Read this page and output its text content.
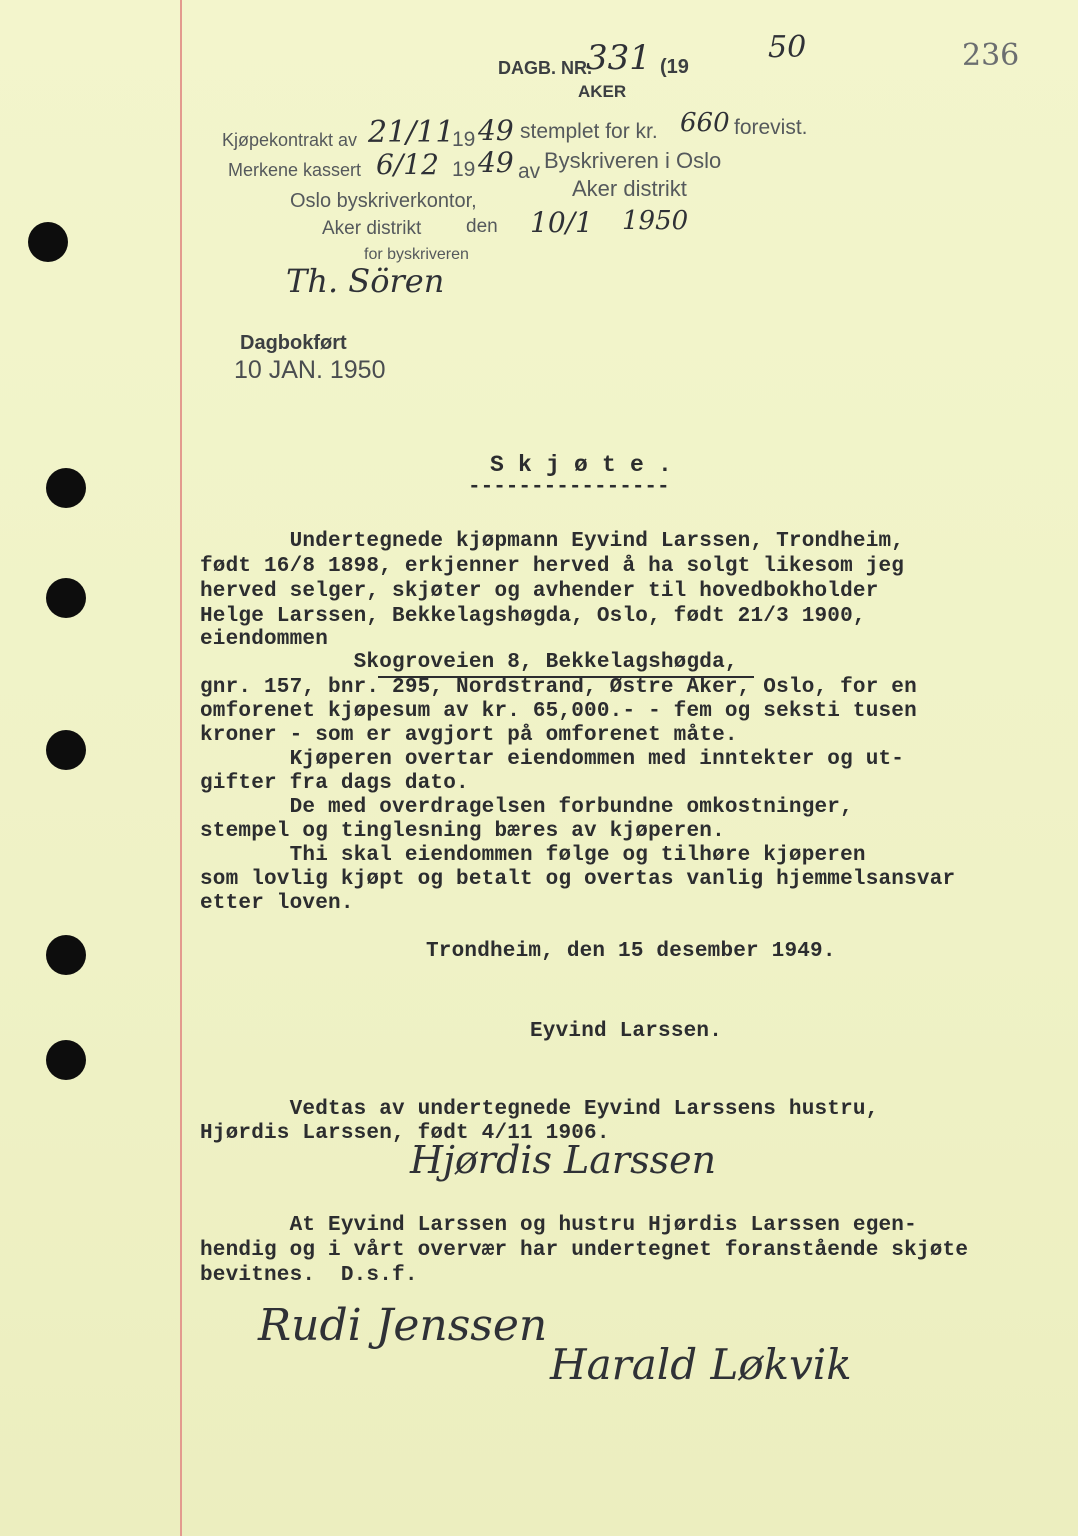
236
DAGB. NR.
331 (19
50
AKER
Kjøpekontrakt av 21/11
19 49 stemplet for kr. 660 forevist.
Merkene kassert 6/12 19 49 av Byskriveren i Oslo
Aker distrikt
Oslo byskriverkontor,
Aker distrikt den 10/1 1950
for byskriveren
Th. Sören
Dagbokført
10 JAN. 1950
S k j ø t e .
----------------
Undertegnede kjøpmann Eyvind Larssen, Trondheim,
født 16/8 1898, erkjenner herved å ha solgt likesom jeg
herved selger, skjøter og avhender til hovedbokholder
Helge Larssen, Bekkelagshøgda, Oslo, født 21/3 1900,
eiendommen
Skogroveien 8, Bekkelagshøgda,
gnr. 157, bnr. 295, Nordstrand, Østre Aker, Oslo, for en
omforenet kjøpesum av kr. 65,000.- - fem og seksti tusen
kroner - som er avgjort på omforenet måte.
Kjøperen overtar eiendommen med inntekter og ut-
gifter fra dags dato.
De med overdragelsen forbundne omkostninger,
stempel og tinglesning bæres av kjøperen.
Thi skal eiendommen følge og tilhøre kjøperen
som lovlig kjøpt og betalt og overtas vanlig hjemmelsansvar
etter loven.
Trondheim, den 15 desember 1949.
Eyvind Larssen.
Vedtas av undertegnede Eyvind Larssens hustru,
Hjørdis Larssen, født 4/11 1906.
Hjørdis Larssen
At Eyvind Larssen og hustru Hjørdis Larssen egen-
hendig og i vårt overvær har undertegnet foranstående skjøte
bevitnes.  D.s.f.
Rudi Jenssen
Harald Løkvik
